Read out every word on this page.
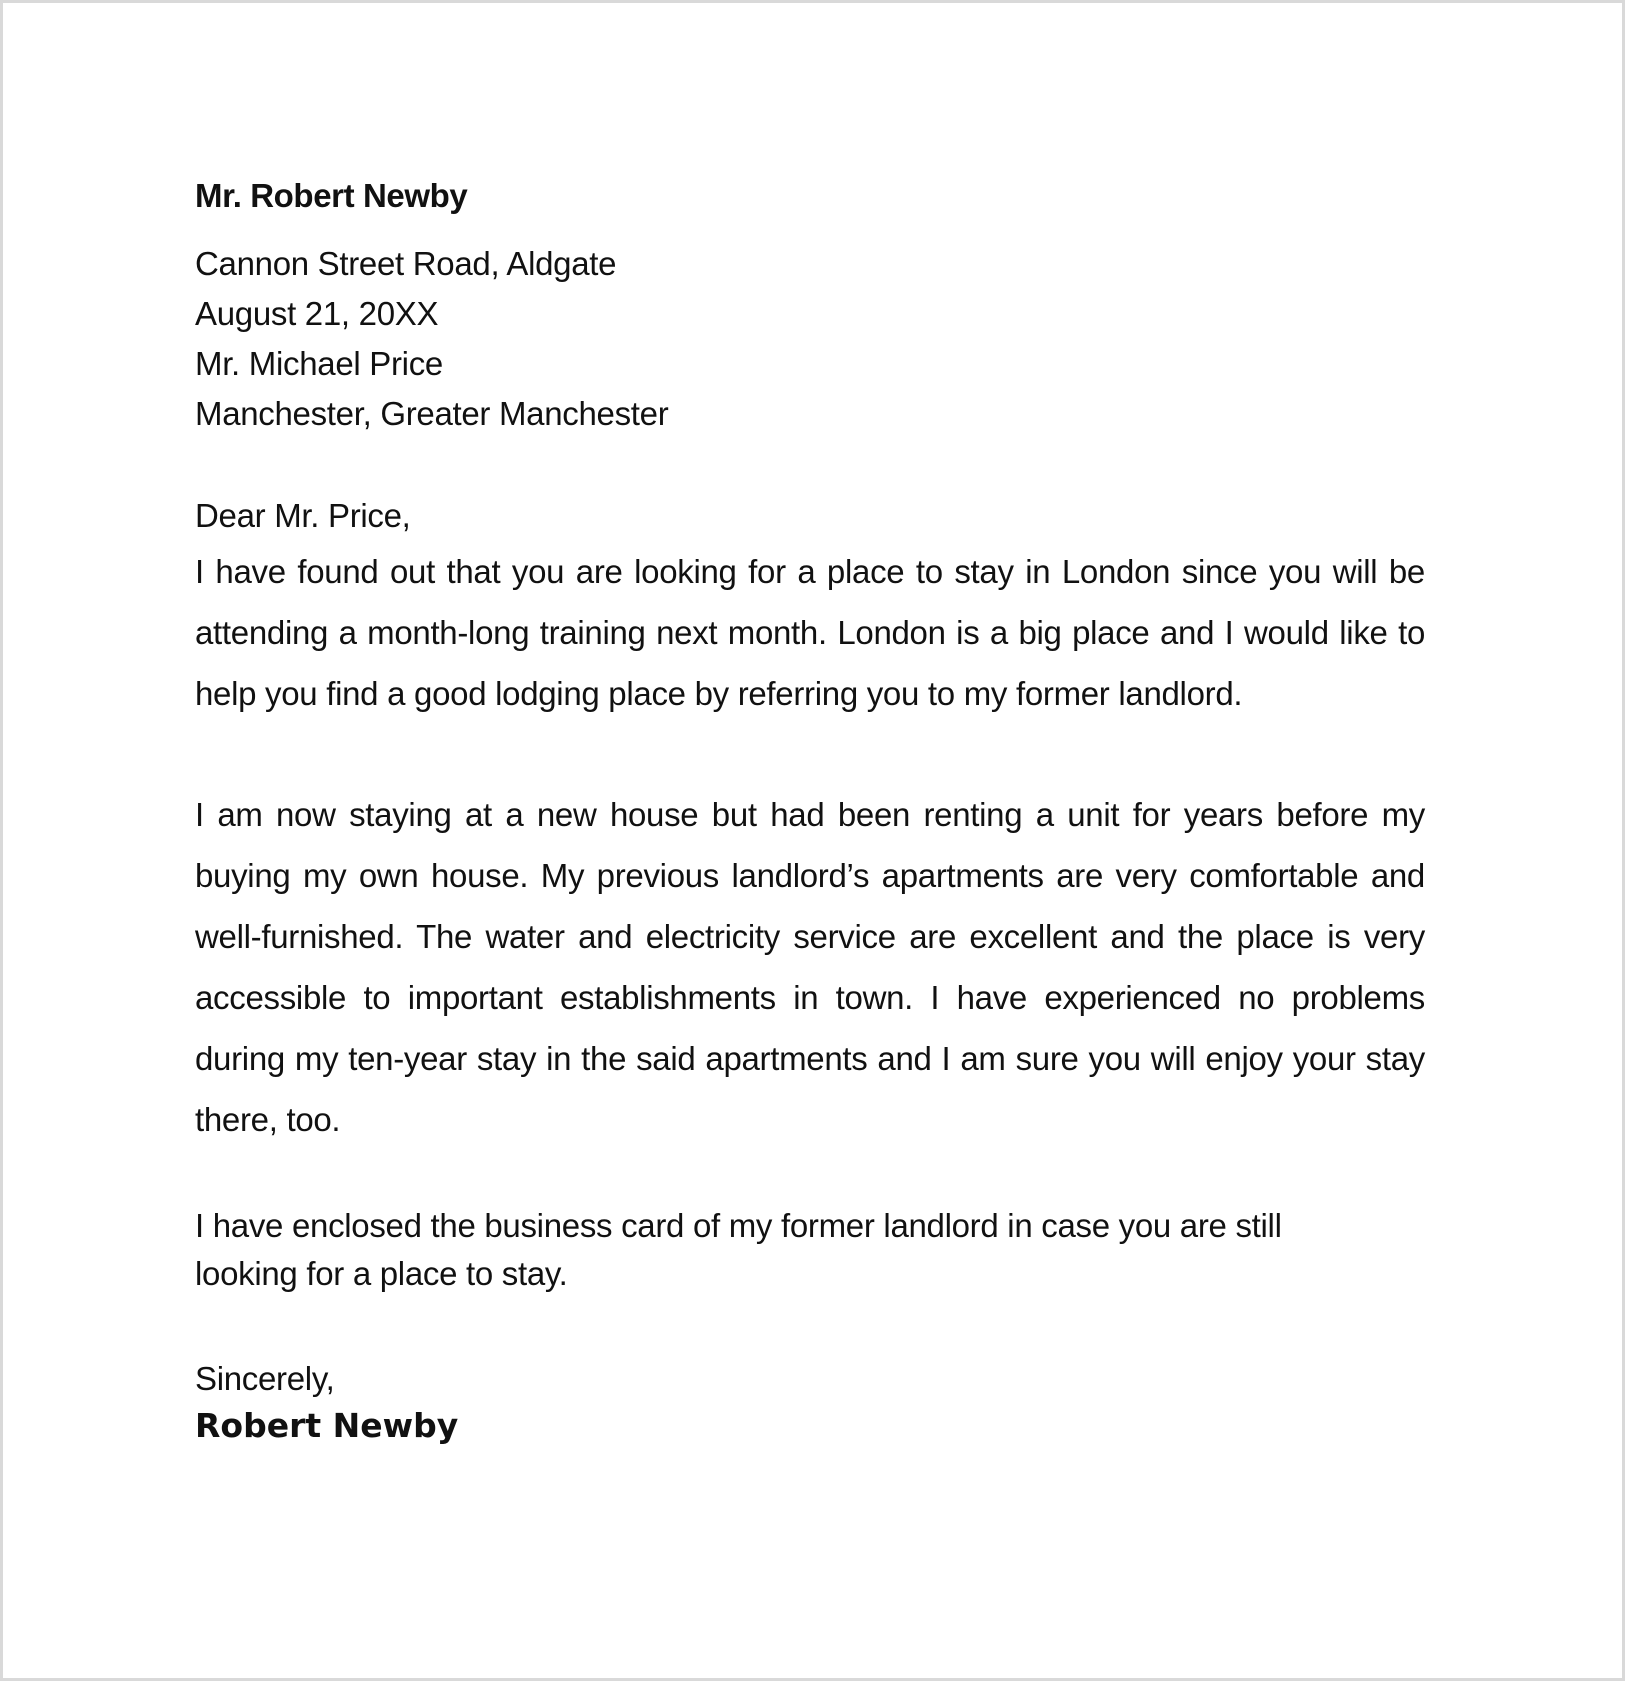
Mr. Robert Newby

Cannon Street Road, Aldgate

August 21, 20XX

Mr. Michael Price

Manchester, Greater Manchester

Dear Mr. Price,

I have found out that you are looking for a place to stay in London since you will be attending a month-long training next month. London is a big place and I would like to help you find a good lodging place by referring you to my former landlord.

I am now staying at a new house but had been renting a unit for years before my buying my own house. My previous landlord’s apartments are very comfortable and well-furnished. The water and electricity service are excellent and the place is very accessible to important establishments in town. I have experienced no problems during my ten-year stay in the said apartments and I am sure you will enjoy your stay there, too.

I have enclosed the business card of my former landlord in case you are still looking for a place to stay.

Sincerely,

Robert Newby
